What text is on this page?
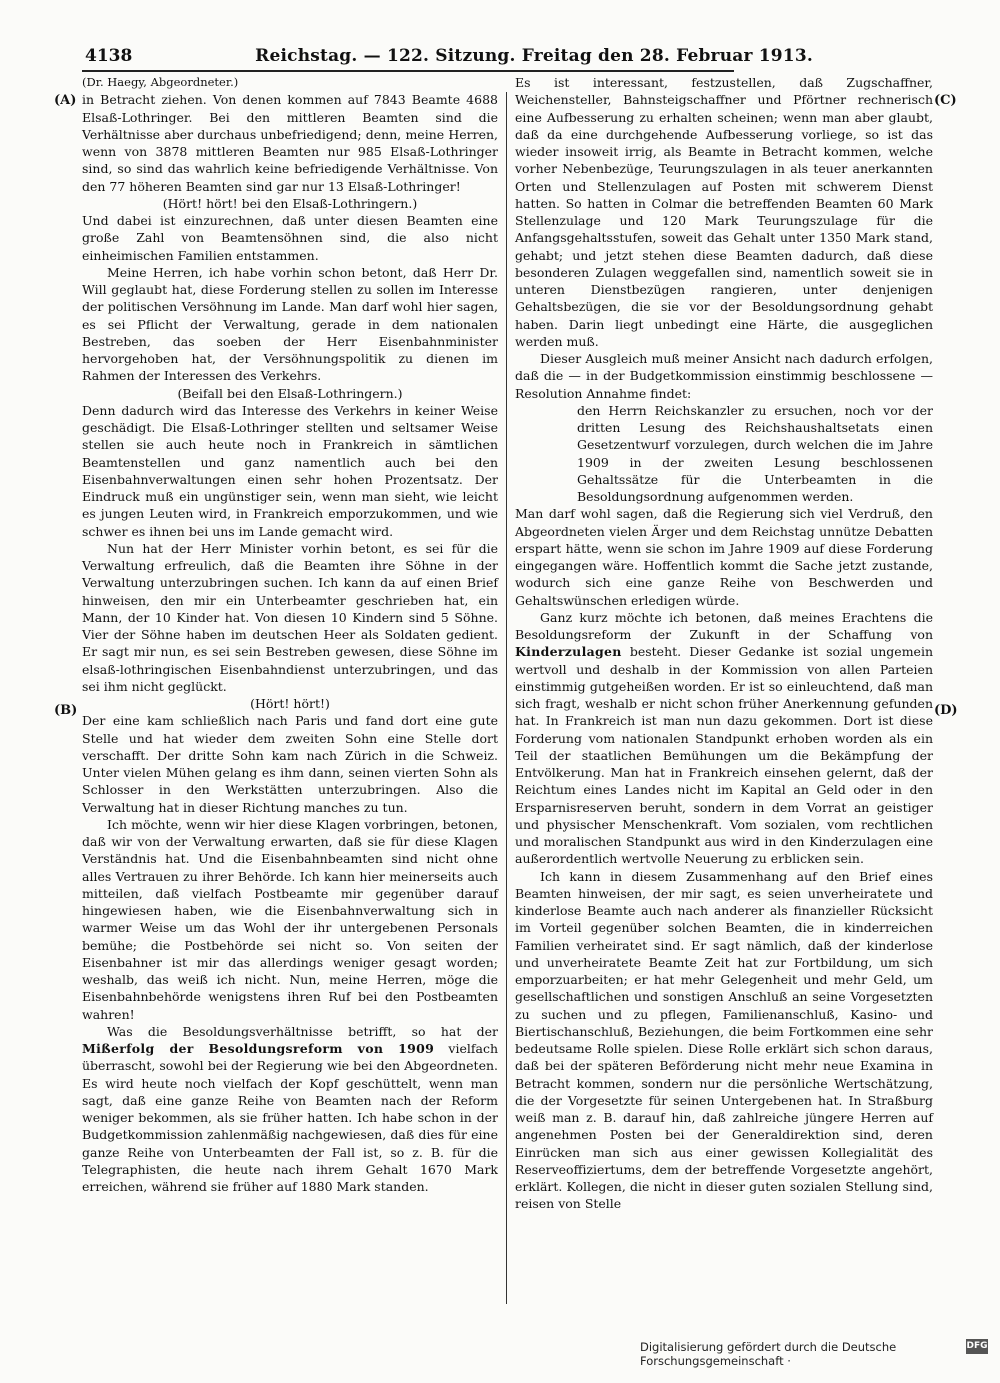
4138	Reichstag. — 122. Sitzung. Freitag den 28. Februar 1913.
(A)
(B)
(C)
(D)

(Dr. Haegy, Abgeordneter.)

in Betracht ziehen. Von denen kommen auf 7843 Beamte 4688 Elsaß-Lothringer. Bei den mittleren Beamten sind die Verhältnisse aber durchaus unbefriedigend; denn, meine Herren, wenn von 3878 mittleren Beamten nur 985 Elsaß-Lothringer sind, so sind das wahrlich keine befriedigende Verhältnisse. Von den 77 höheren Beamten sind gar nur 13 Elsaß-Lothringer!

(Hört! hört! bei den Elsaß-Lothringern.)

Und dabei ist einzurechnen, daß unter diesen Beamten eine große Zahl von Beamtensöhnen sind, die also nicht einheimischen Familien entstammen.

Meine Herren, ich habe vorhin schon betont, daß Herr Dr. Will geglaubt hat, diese Forderung stellen zu sollen im Interesse der politischen Versöhnung im Lande. Man darf wohl hier sagen, es sei Pflicht der Verwaltung, gerade in dem nationalen Bestreben, das soeben der Herr Eisenbahnminister hervorgehoben hat, der Versöhnungspolitik zu dienen im Rahmen der Interessen des Verkehrs.

(Beifall bei den Elsaß-Lothringern.)

Denn dadurch wird das Interesse des Verkehrs in keiner Weise geschädigt. Die Elsaß-Lothringer stellten und seltsamer Weise stellen sie auch heute noch in Frankreich in sämtlichen Beamtenstellen und ganz namentlich auch bei den Eisenbahnverwaltungen einen sehr hohen Prozentsatz. Der Eindruck muß ein ungünstiger sein, wenn man sieht, wie leicht es jungen Leuten wird, in Frankreich emporzukommen, und wie schwer es ihnen bei uns im Lande gemacht wird.

Nun hat der Herr Minister vorhin betont, es sei für die Verwaltung erfreulich, daß die Beamten ihre Söhne in der Verwaltung unterzubringen suchen. Ich kann da auf einen Brief hinweisen, den mir ein Unterbeamter geschrieben hat, ein Mann, der 10 Kinder hat. Von diesen 10 Kindern sind 5 Söhne. Vier der Söhne haben im deutschen Heer als Soldaten gedient. Er sagt mir nun, es sei sein Bestreben gewesen, diese Söhne im elsaß-lothringischen Eisenbahndienst unterzubringen, und das sei ihm nicht geglückt.

(Hört! hört!)

Der eine kam schließlich nach Paris und fand dort eine gute Stelle und hat wieder dem zweiten Sohn eine Stelle dort verschafft. Der dritte Sohn kam nach Zürich in die Schweiz. Unter vielen Mühen gelang es ihm dann, seinen vierten Sohn als Schlosser in den Werkstätten unterzubringen. Also die Verwaltung hat in dieser Richtung manches zu tun.

Ich möchte, wenn wir hier diese Klagen vorbringen, betonen, daß wir von der Verwaltung erwarten, daß sie für diese Klagen Verständnis hat. Und die Eisenbahnbeamten sind nicht ohne alles Vertrauen zu ihrer Behörde. Ich kann hier meinerseits auch mitteilen, daß vielfach Postbeamte mir gegenüber darauf hingewiesen haben, wie die Eisenbahnverwaltung sich in warmer Weise um das Wohl der ihr untergebenen Personals bemühe; die Postbehörde sei nicht so. Von seiten der Eisenbahner ist mir das allerdings weniger gesagt worden; weshalb, das weiß ich nicht. Nun, meine Herren, möge die Eisenbahnbehörde wenigstens ihren Ruf bei den Postbeamten wahren!

Was die Besoldungsverhältnisse betrifft, so hat der Mißerfolg der Besoldungsreform von 1909 vielfach überrascht, sowohl bei der Regierung wie bei den Abgeordneten. Es wird heute noch vielfach der Kopf geschüttelt, wenn man sagt, daß eine ganze Reihe von Beamten nach der Reform weniger bekommen, als sie früher hatten. Ich habe schon in der Budgetkommission zahlenmäßig nachgewiesen, daß dies für eine ganze Reihe von Unterbeamten der Fall ist, so z. B. für die Telegraphisten, die heute nach ihrem Gehalt 1670 Mark erreichen, während sie früher auf 1880 Mark standen.

Es ist interessant, festzustellen, daß Zugschaffner, Weichensteller, Bahnsteigschaffner und Pförtner rechnerisch eine Aufbesserung zu erhalten scheinen; wenn man aber glaubt, daß da eine durchgehende Aufbesserung vorliege, so ist das wieder insoweit irrig, als Beamte in Betracht kommen, welche vorher Nebenbezüge, Teurungszulagen in als teuer anerkannten Orten und Stellenzulagen auf Posten mit schwerem Dienst hatten. So hatten in Colmar die betreffenden Beamten 60 Mark Stellenzulage und 120 Mark Teurungszulage für die Anfangsgehaltsstufen, soweit das Gehalt unter 1350 Mark stand, gehabt; und jetzt stehen diese Beamten dadurch, daß diese besonderen Zulagen weggefallen sind, namentlich soweit sie in unteren Dienstbezügen rangieren, unter denjenigen Gehaltsbezügen, die sie vor der Besoldungsordnung gehabt haben. Darin liegt unbedingt eine Härte, die ausgeglichen werden muß.

Dieser Ausgleich muß meiner Ansicht nach dadurch erfolgen, daß die — in der Budgetkommission einstimmig beschlossene — Resolution Annahme findet:

den Herrn Reichskanzler zu ersuchen, noch vor der dritten Lesung des Reichshaushaltsetats einen Gesetzentwurf vorzulegen, durch welchen die im Jahre 1909 in der zweiten Lesung beschlossenen Gehaltssätze für die Unterbeamten in die Besoldungsordnung aufgenommen werden.

Man darf wohl sagen, daß die Regierung sich viel Verdruß, den Abgeordneten vielen Ärger und dem Reichstag unnütze Debatten erspart hätte, wenn sie schon im Jahre 1909 auf diese Forderung eingegangen wäre. Hoffentlich kommt die Sache jetzt zustande, wodurch sich eine ganze Reihe von Beschwerden und Gehaltswünschen erledigen würde.

Ganz kurz möchte ich betonen, daß meines Erachtens die Besoldungsreform der Zukunft in der Schaffung von Kinderzulagen besteht. Dieser Gedanke ist sozial ungemein wertvoll und deshalb in der Kommission von allen Parteien einstimmig gutgeheißen worden. Er ist so einleuchtend, daß man sich fragt, weshalb er nicht schon früher Anerkennung gefunden hat. In Frankreich ist man nun dazu gekommen. Dort ist diese Forderung vom nationalen Standpunkt erhoben worden als ein Teil der staatlichen Bemühungen um die Bekämpfung der Entvölkerung. Man hat in Frankreich einsehen gelernt, daß der Reichtum eines Landes nicht im Kapital an Geld oder in den Ersparnisreserven beruht, sondern in dem Vorrat an geistiger und physischer Menschenkraft. Vom sozialen, vom rechtlichen und moralischen Standpunkt aus wird in den Kinderzulagen eine außerordentlich wertvolle Neuerung zu erblicken sein.

Ich kann in diesem Zusammenhang auf den Brief eines Beamten hinweisen, der mir sagt, es seien unverheiratete und kinderlose Beamte auch nach anderer als finanzieller Rücksicht im Vorteil gegenüber solchen Beamten, die in kinderreichen Familien verheiratet sind. Er sagt nämlich, daß der kinderlose und unverheiratete Beamte Zeit hat zur Fortbildung, um sich emporzuarbeiten; er hat mehr Gelegenheit und mehr Geld, um gesellschaftlichen und sonstigen Anschluß an seine Vorgesetzten zu suchen und zu pflegen, Familienanschluß, Kasino- und Biertischanschluß, Beziehungen, die beim Fortkommen eine sehr bedeutsame Rolle spielen. Diese Rolle erklärt sich schon daraus, daß bei der späteren Beförderung nicht mehr neue Examina in Betracht kommen, sondern nur die persönliche Wertschätzung, die der Vorgesetzte für seinen Untergebenen hat. In Straßburg weiß man z. B. darauf hin, daß zahlreiche jüngere Herren auf angenehmen Posten bei der Generaldirektion sind, deren Einrücken man sich aus einer gewissen Kollegialität des Reserveoffiziertums, dem der betreffende Vorgesetzte angehört, erklärt. Kollegen, die nicht in dieser guten sozialen Stellung sind, reisen von Stelle

Digitalisierung gefördert durch die Deutsche Forschungsgemeinschaft ·
DFG
